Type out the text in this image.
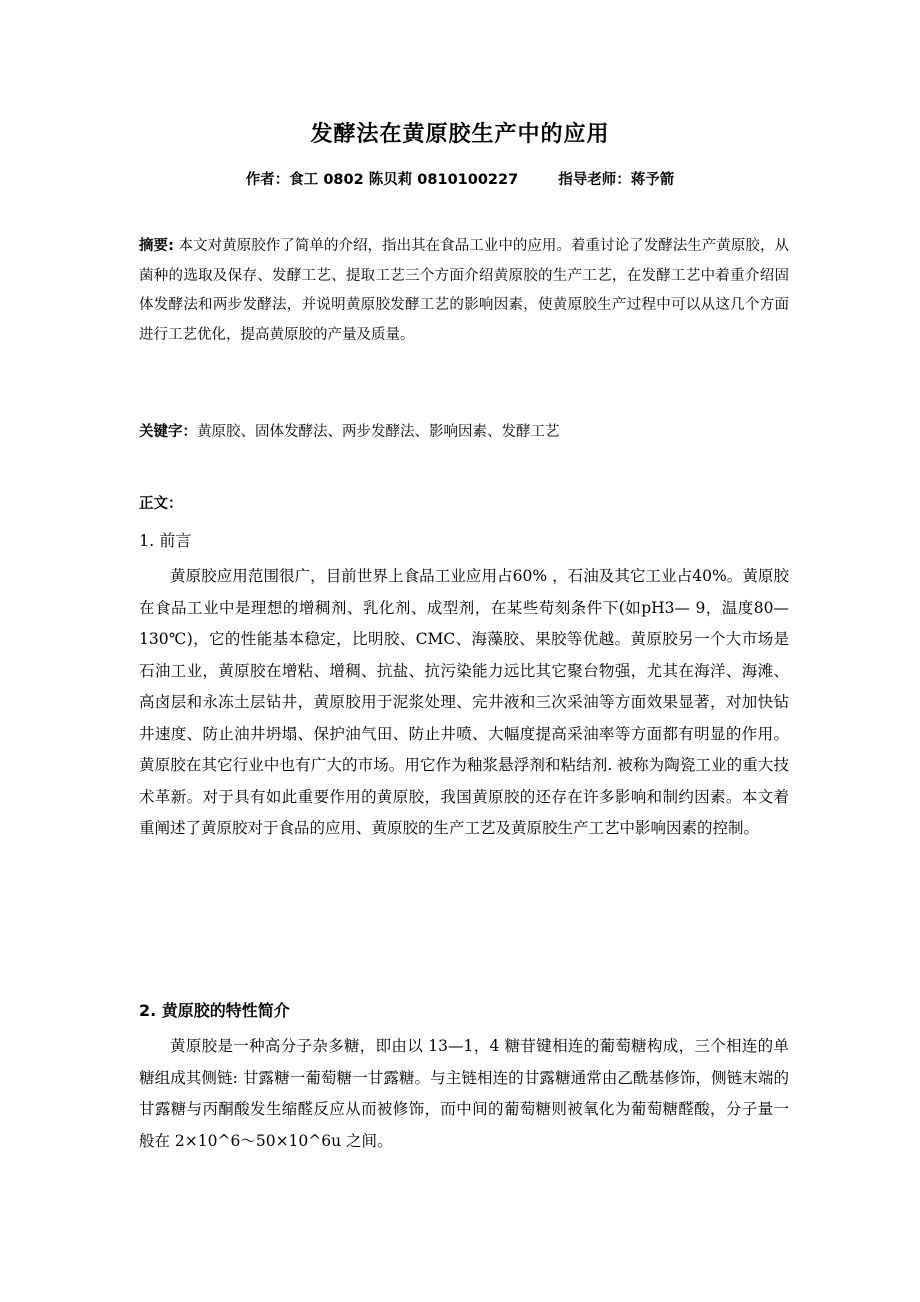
发酵法在黄原胶生产中的应用
作者：食工 0802 陈贝莉 0810100227	指导老师：蒋予箭
摘要: 本文对黄原胶作了简单的介绍，指出其在食品工业中的应用。着重讨论了发酵法生产黄原胶，从菌种的选取及保存、发酵工艺、提取工艺三个方面介绍黄原胶的生产工艺，在发酵工艺中着重介绍固体发酵法和两步发酵法，并说明黄原胶发酵工艺的影响因素，使黄原胶生产过程中可以从这几个方面进行工艺优化，提高黄原胶的产量及质量。
关键字：黄原胶、固体发酵法、两步发酵法、影响因素、发酵工艺
正文：
1. 前言
黄原胶应用范围很广，目前世界上食品工业应用占60% ，石油及其它工业占40%。黄原胶在食品工业中是理想的增稠剂、乳化剂、成型剂，在某些苟刻条件下(如pH3— 9，温度80—130℃)，它的性能基本稳定，比明胶、CMC、海藻胶、果胶等优越。黄原胶另一个大市场是石油工业，黄原胶在增粘、增稠、抗盐、抗污染能力远比其它聚台物强，尤其在海洋、海滩、高卤层和永冻土层钻井，黄原胶用于泥浆处理、完井液和三次采油等方面效果显著，对加快钻井速度、防止油井坍塌、保护油气田、防止井喷、大幅度提高采油率等方面都有明显的作用。黄原胶在其它行业中也有广大的市场。用它作为釉浆悬浮剂和粘结剂. 被称为陶瓷工业的重大技术革新。对于具有如此重要作用的黄原胶，我国黄原胶的还存在许多影响和制约因素。本文着重阐述了黄原胶对于食品的应用、黄原胶的生产工艺及黄原胶生产工艺中影响因素的控制。
2. 黄原胶的特性简介
黄原胶是一种高分子杂多糖，即由以 13—1，4 糖苷键相连的葡萄糖构成，三个相连的单糖组成其侧链: 甘露糖一葡萄糖一甘露糖。与主链相连的甘露糖通常由乙酰基修饰，侧链末端的甘露糖与丙酮酸发生缩醛反应从而被修饰，而中间的葡萄糖则被氧化为葡萄糖醛酸，分子量一般在 2×10^6～50×10^6u 之间。
